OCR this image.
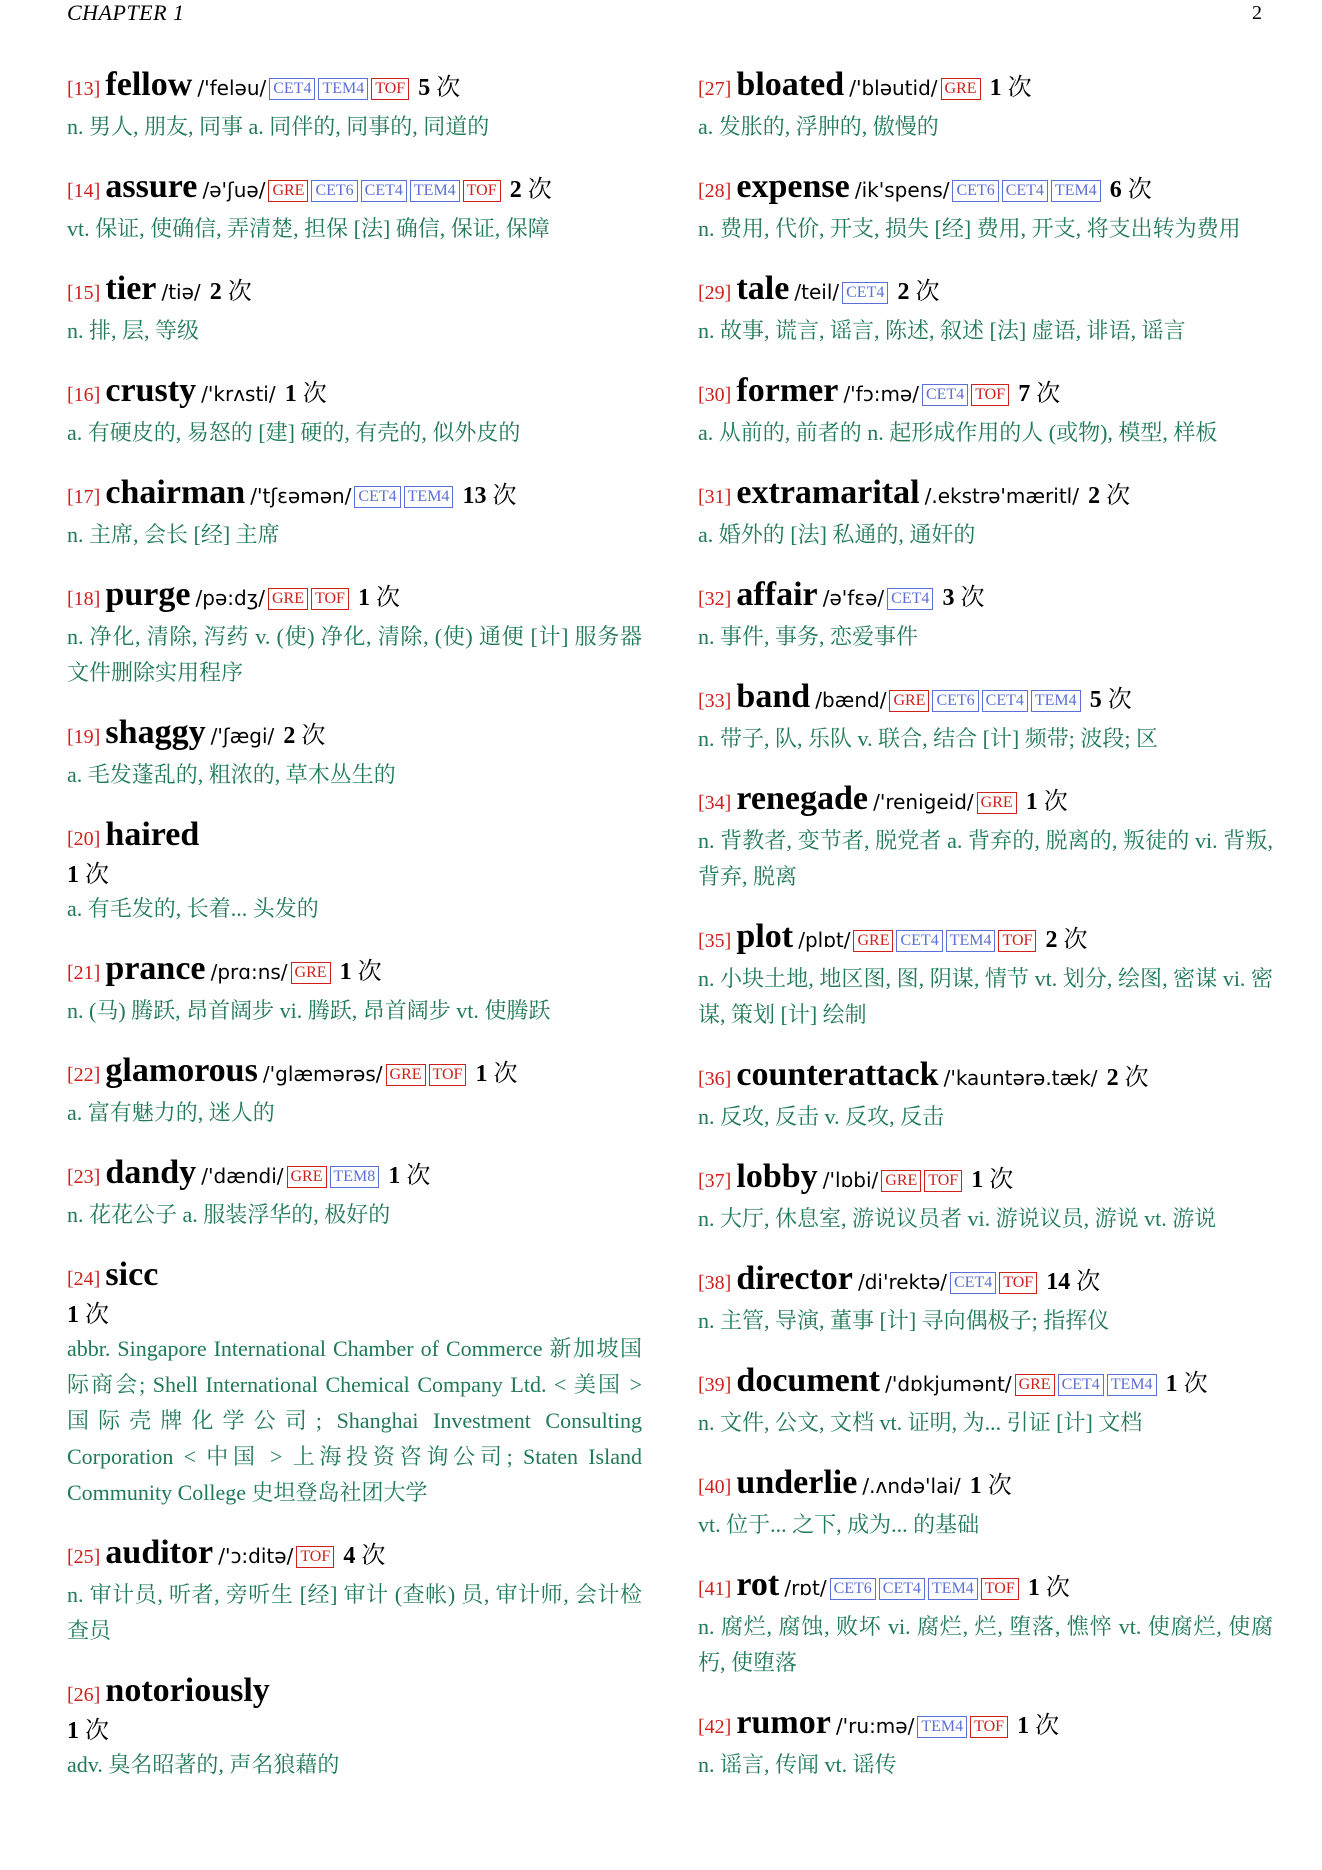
CHAPTER 1	2
[13] fellow /'feləu/ CET4 TEM4 TOF 5 次

n. 男人, 朋友, 同事 a. 同伴的, 同事的, 同道的

[14] assure /ə'ʃuə/ GRE CET6 CET4 TEM4 TOF 2 次

vt. 保证, 使确信, 弄清楚, 担保 [法] 确信, 保证, 保障

[15] tier /tiə/ 2 次

n. 排, 层, 等级

[16] crusty /'krʌsti/ 1 次

a. 有硬皮的, 易怒的 [建] 硬的, 有壳的, 似外皮的

[17] chairman /'tʃɛəmən/ CET4 TEM4 13 次

n. 主席, 会长 [经] 主席

[18] purge /pə:dʒ/ GRE TOF 1 次

n. 净化, 清除, 泻药 v. (使) 净化, 清除, (使) 通便 [计] 服务器文件删除实用程序

[19] shaggy /'ʃægi/ 2 次

a. 毛发蓬乱的, 粗浓的, 草木丛生的

[20] haired
1 次

a. 有毛发的, 长着... 头发的

[21] prance /prɑ:ns/ GRE 1 次

n. (马) 腾跃, 昂首阔步 vi. 腾跃, 昂首阔步 vt. 使腾跃

[22] glamorous /'glæmərəs/ GRE TOF 1 次

a. 富有魅力的, 迷人的

[23] dandy /'dændi/ GRE TEM8 1 次

n. 花花公子 a. 服装浮华的, 极好的

[24] sicc
1 次

abbr. Singapore International Chamber of Commerce 新加坡国际商会; Shell International Chemical Company Ltd. < 美国 > 国际壳牌化学公司; Shanghai Investment Consulting Corporation < 中国 > 上海投资咨询公司; Staten Island Community College 史坦登岛社团大学

[25] auditor /'ɔ:ditə/ TOF 4 次

n. 审计员, 听者, 旁听生 [经] 审计 (查帐) 员, 审计师, 会计检查员

[26] notoriously
1 次

adv. 臭名昭著的, 声名狼藉的

[27] bloated /'bləutid/ GRE 1 次

a. 发胀的, 浮肿的, 傲慢的

[28] expense /ik'spens/ CET6 CET4 TEM4 6 次

n. 费用, 代价, 开支, 损失 [经] 费用, 开支, 将支出转为费用

[29] tale /teil/ CET4 2 次

n. 故事, 谎言, 谣言, 陈述, 叙述 [法] 虚语, 诽语, 谣言

[30] former /'fɔ:mə/ CET4 TOF 7 次

a. 从前的, 前者的 n. 起形成作用的人 (或物), 模型, 样板

[31] extramarital /.ekstrə'mæritl/ 2 次

a. 婚外的 [法] 私通的, 通奸的

[32] affair /ə'fɛə/ CET4 3 次

n. 事件, 事务, 恋爱事件

[33] band /bænd/ GRE CET6 CET4 TEM4 5 次

n. 带子, 队, 乐队 v. 联合, 结合 [计] 频带; 波段; 区

[34] renegade /'renigeid/ GRE 1 次

n. 背教者, 变节者, 脱党者 a. 背弃的, 脱离的, 叛徒的 vi. 背叛, 背弃, 脱离

[35] plot /plɒt/ GRE CET4 TEM4 TOF 2 次

n. 小块土地, 地区图, 图, 阴谋, 情节 vt. 划分, 绘图, 密谋 vi. 密谋, 策划 [计] 绘制

[36] counterattack /'kauntərə.tæk/ 2 次

n. 反攻, 反击 v. 反攻, 反击

[37] lobby /'lɒbi/ GRE TOF 1 次

n. 大厅, 休息室, 游说议员者 vi. 游说议员, 游说 vt. 游说

[38] director /di'rektə/ CET4 TOF 14 次

n. 主管, 导演, 董事 [计] 寻向偶极子; 指挥仪

[39] document /'dɒkjumənt/ GRE CET4 TEM4 1 次

n. 文件, 公文, 文档 vt. 证明, 为... 引证 [计] 文档

[40] underlie /.ʌndə'lai/ 1 次

vt. 位于... 之下, 成为... 的基础

[41] rot /rɒt/ CET6 CET4 TEM4 TOF 1 次

n. 腐烂, 腐蚀, 败坏 vi. 腐烂, 烂, 堕落, 憔悴 vt. 使腐烂, 使腐朽, 使堕落

[42] rumor /'ru:mə/ TEM4 TOF 1 次

n. 谣言, 传闻 vt. 谣传
